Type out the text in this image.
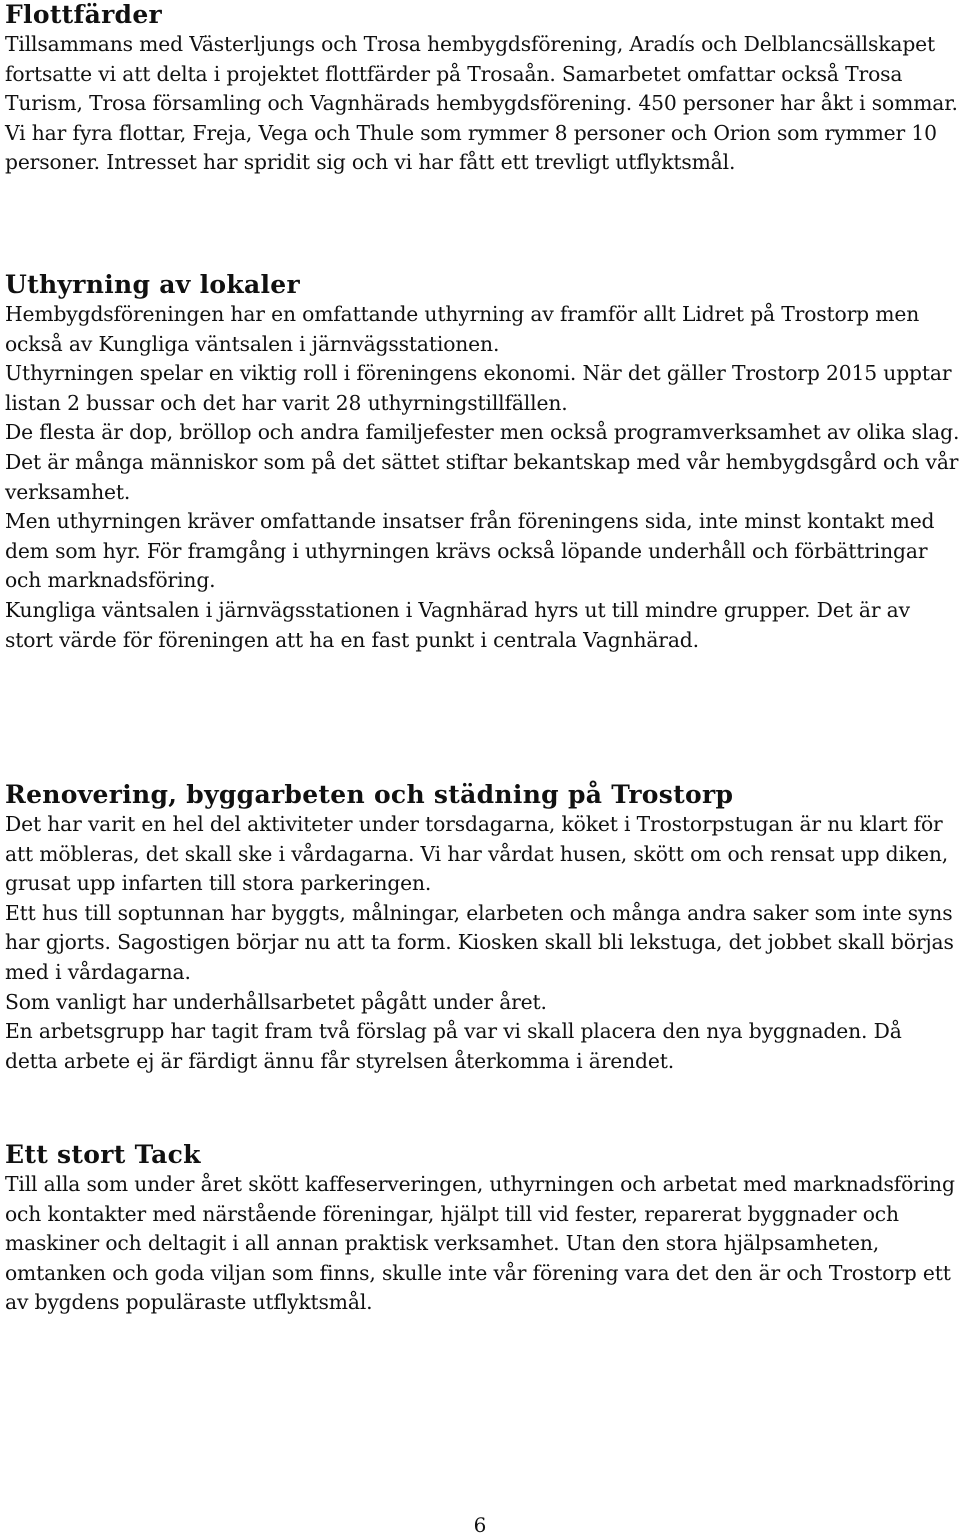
Flottfärder

Tillsammans med Västerljungs och Trosa hembygdsförening, Aradís och Delblancsällskapet fortsatte vi att delta i projektet flottfärder på Trosaån. Samarbetet omfattar också Trosa Turism, Trosa församling och Vagnhärads hembygdsförening. 450 personer har åkt i sommar.

Vi har fyra flottar, Freja, Vega och Thule som rymmer 8 personer och Orion som rymmer 10 personer. Intresset har spridit sig och vi har fått ett trevligt utflyktsmål.

Uthyrning av lokaler

Hembygdsföreningen har en omfattande uthyrning av framför allt Lidret på Trostorp men också av Kungliga väntsalen i järnvägsstationen.

Uthyrningen spelar en viktig roll i föreningens ekonomi. När det gäller Trostorp 2015 upptar listan 2 bussar och det har varit 28 uthyrningstillfällen.

De flesta är dop, bröllop och andra familjefester men också programverksamhet av olika slag.

Det är många människor som på det sättet stiftar bekantskap med vår hembygdsgård och vår verksamhet.

Men uthyrningen kräver omfattande insatser från föreningens sida, inte minst kontakt med dem som hyr. För framgång i uthyrningen krävs också löpande underhåll och förbättringar och marknadsföring.

Kungliga väntsalen i järnvägsstationen i Vagnhärad hyrs ut till mindre grupper. Det är av stort värde för föreningen att ha en fast punkt i centrala Vagnhärad.

Renovering, byggarbeten och städning på Trostorp

Det har varit en hel del aktiviteter under torsdagarna, köket i Trostorpstugan är nu klart för att möbleras, det skall ske i vårdagarna. Vi har vårdat husen, skött om och rensat upp diken, grusat upp infarten till stora parkeringen.

Ett hus till soptunnan har byggts, målningar, elarbeten och många andra saker som inte syns har gjorts. Sagostigen börjar nu att ta form. Kiosken skall bli lekstuga, det jobbet skall börjas med i vårdagarna.

Som vanligt har underhållsarbetet pågått under året.

En arbetsgrupp har tagit fram två förslag på var vi skall placera den nya byggnaden. Då detta arbete ej är färdigt ännu får styrelsen återkomma i ärendet.

Ett stort Tack

Till alla som under året skött kaffeserveringen, uthyrningen och arbetat med marknadsföring och kontakter med närstående föreningar, hjälpt till vid fester, reparerat byggnader och maskiner och deltagit i all annan praktisk verksamhet. Utan den stora hjälpsamheten, omtanken och goda viljan som finns, skulle inte vår förening vara det den är och Trostorp ett av bygdens populäraste utflyktsmål.

6
